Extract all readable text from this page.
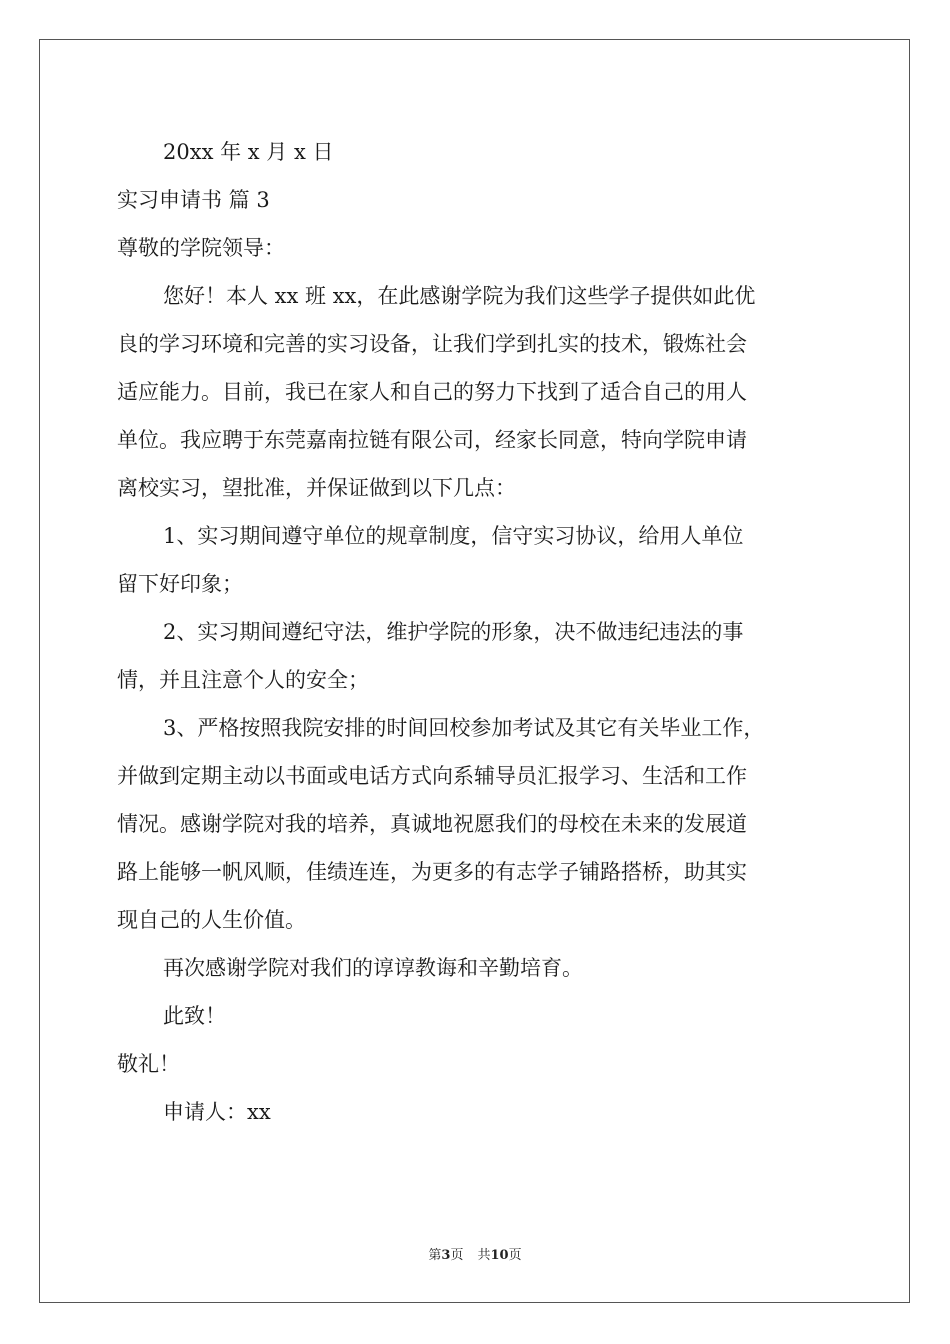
20xx 年 x 月 x 日
实习申请书 篇 3
尊敬的学院领导：
您好！本人 xx 班 xx，在此感谢学院为我们这些学子提供如此优
良的学习环境和完善的实习设备，让我们学到扎实的技术，锻炼社会
适应能力。目前，我已在家人和自己的努力下找到了适合自己的用人
单位。我应聘于东莞嘉南拉链有限公司，经家长同意，特向学院申请
离校实习，望批准，并保证做到以下几点：
1、实习期间遵守单位的规章制度，信守实习协议，给用人单位
留下好印象；
2、实习期间遵纪守法，维护学院的形象，决不做违纪违法的事
情，并且注意个人的安全；
3、严格按照我院安排的时间回校参加考试及其它有关毕业工作，
并做到定期主动以书面或电话方式向系辅导员汇报学习、生活和工作
情况。感谢学院对我的培养，真诚地祝愿我们的母校在未来的发展道
路上能够一帆风顺，佳绩连连，为更多的有志学子铺路搭桥，助其实
现自己的人生价值。
再次感谢学院对我们的谆谆教诲和辛勤培育。
此致！
敬礼！
申请人：xx
第3页 共10页
